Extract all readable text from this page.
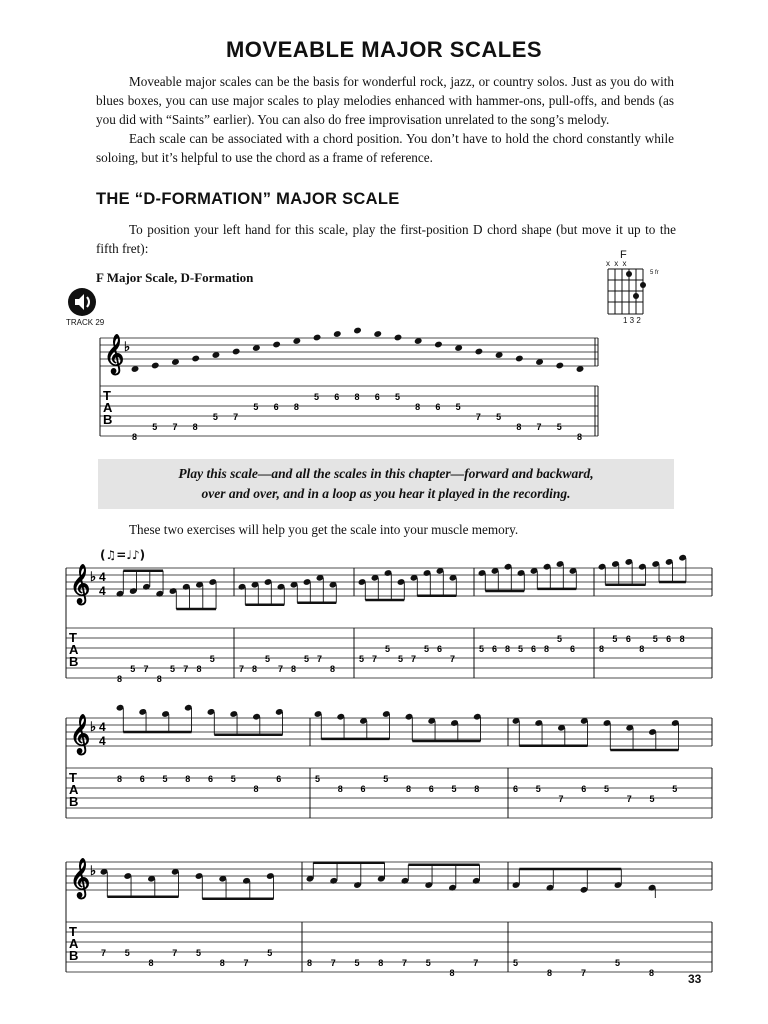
MOVEABLE MAJOR SCALES

Moveable major scales can be the basis for wonderful rock, jazz, or country solos. Just as you do with blues boxes, you can use major scales to play melodies enhanced with hammer-ons, pull-offs, and bends (as you did with “Saints” earlier). You can also do free improvisation unrelated to the song’s melody.

Each scale can be associated with a chord position. You don’t have to hold the chord constantly while soloing, but it’s helpful to use the chord as a frame of reference.

THE “D-FORMATION” MAJOR SCALE

To position your left hand for this scale, play the first-position D chord shape (but move it up to the fifth fret):

F Major Scale, D-Formation
TRACK 29
F
x x x
5 fr
1 3 2
𝄞 ♭
T
A
B
8
5 7 8
5 7
5 6 8
5 6 8 6 5
8 6 5
7 5
8 7 5
8
𝄞 ♭ 4
4
T
A
B
8
5 7
8
5 7 8
5
7 8
5
7 8
5 7
8
5 7
5
5 7
5 6
7
5 6 8 5 6 8
5
6	8
5 6
8
5 6 8
𝄞 ♭ 4
4
T
A
B
8 6 5 8 6 5
8
6	5
8 6
5
8 6 5 8	6 5
7
6 5
7 5
5
𝄞 ♭
T
A
B	7 5
8
7 5
8 7
5
8 7 5 8 7 5
8
7	5
8	7
5
8
Play this scale—and all the scales in this chapter—forward and backward,
over and over, and in a loop as you hear it played in the recording.

These two exercises will help you get the scale into your muscle memory.

(♫=♩♪)
33
